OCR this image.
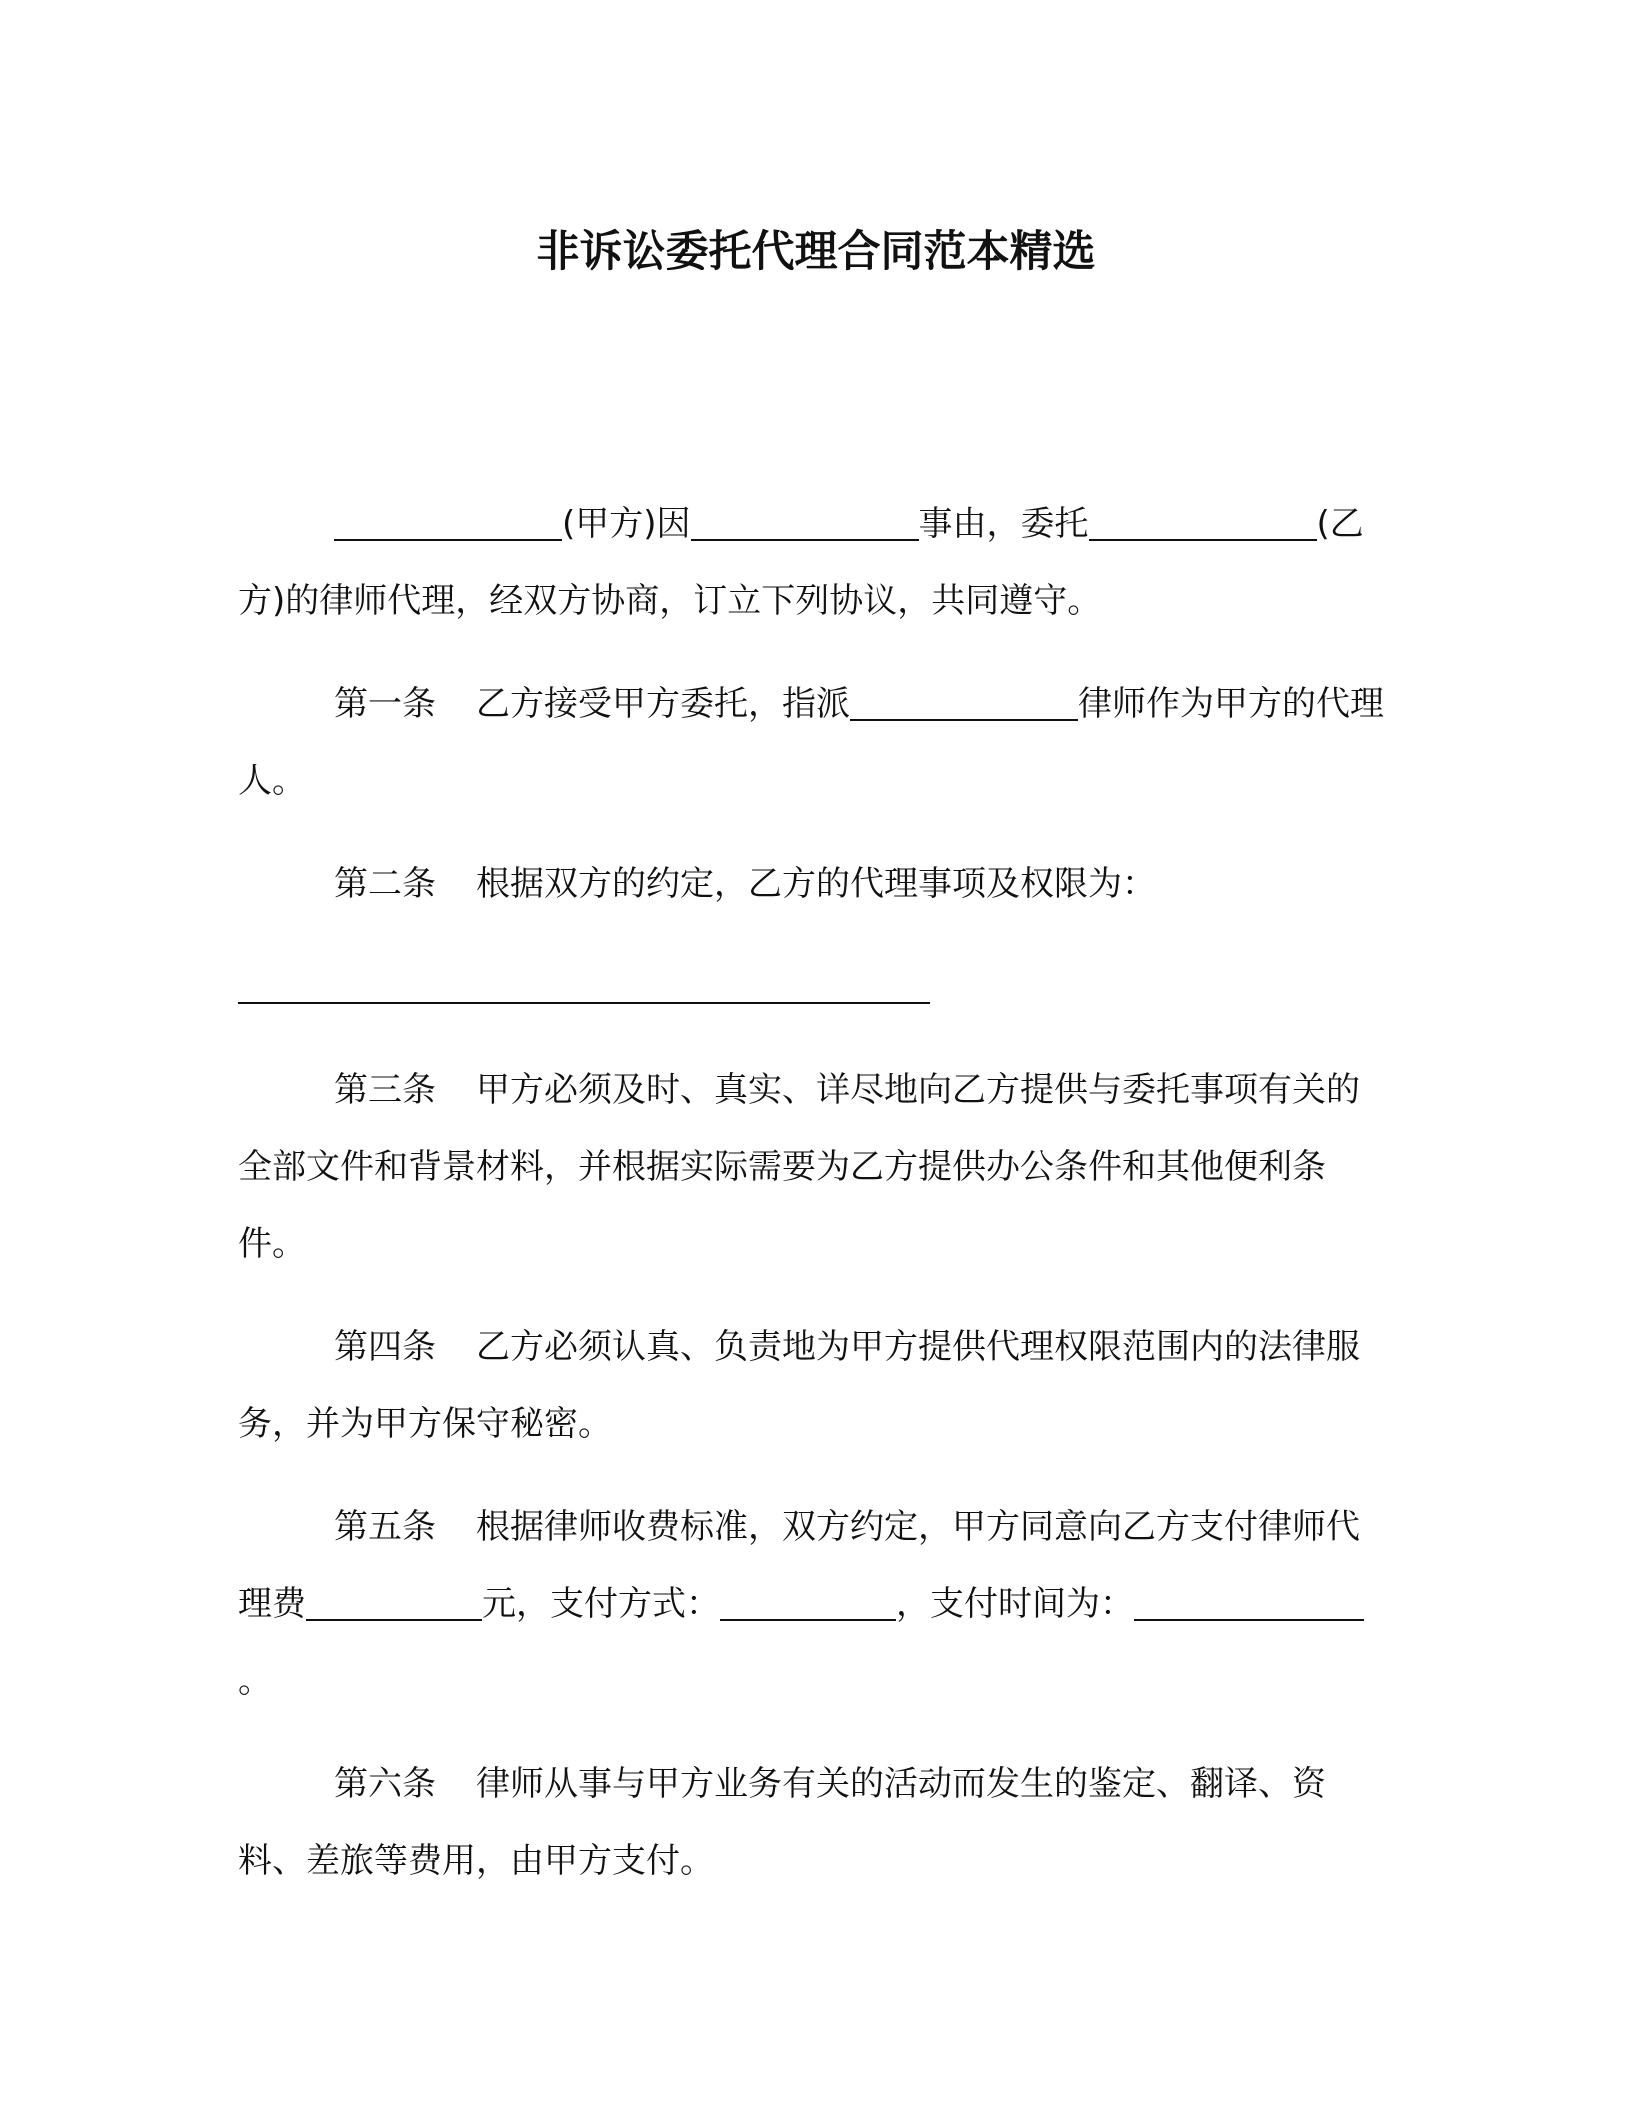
非诉讼委托代理合同范本精选

(甲方)因	事由，委托	(乙方)的律师代理，经双方协商，订立下列协议，共同遵守。

第一条 乙方接受甲方委托，指派	律师作为甲方的代理人。

第二条 根据双方的约定，乙方的代理事项及权限为：

第三条 甲方必须及时、真实、详尽地向乙方提供与委托事项有关的全部文件和背景材料，并根据实际需要为乙方提供办公条件和其他便利条件。

第四条 乙方必须认真、负责地为甲方提供代理权限范围内的法律服务，并为甲方保守秘密。

第五条 根据律师收费标准，双方约定，甲方同意向乙方支付律师代理费	元，支付方式：	，支付时间为：。

第六条 律师从事与甲方业务有关的活动而发生的鉴定、翻译、资料、差旅等费用，由甲方支付。
